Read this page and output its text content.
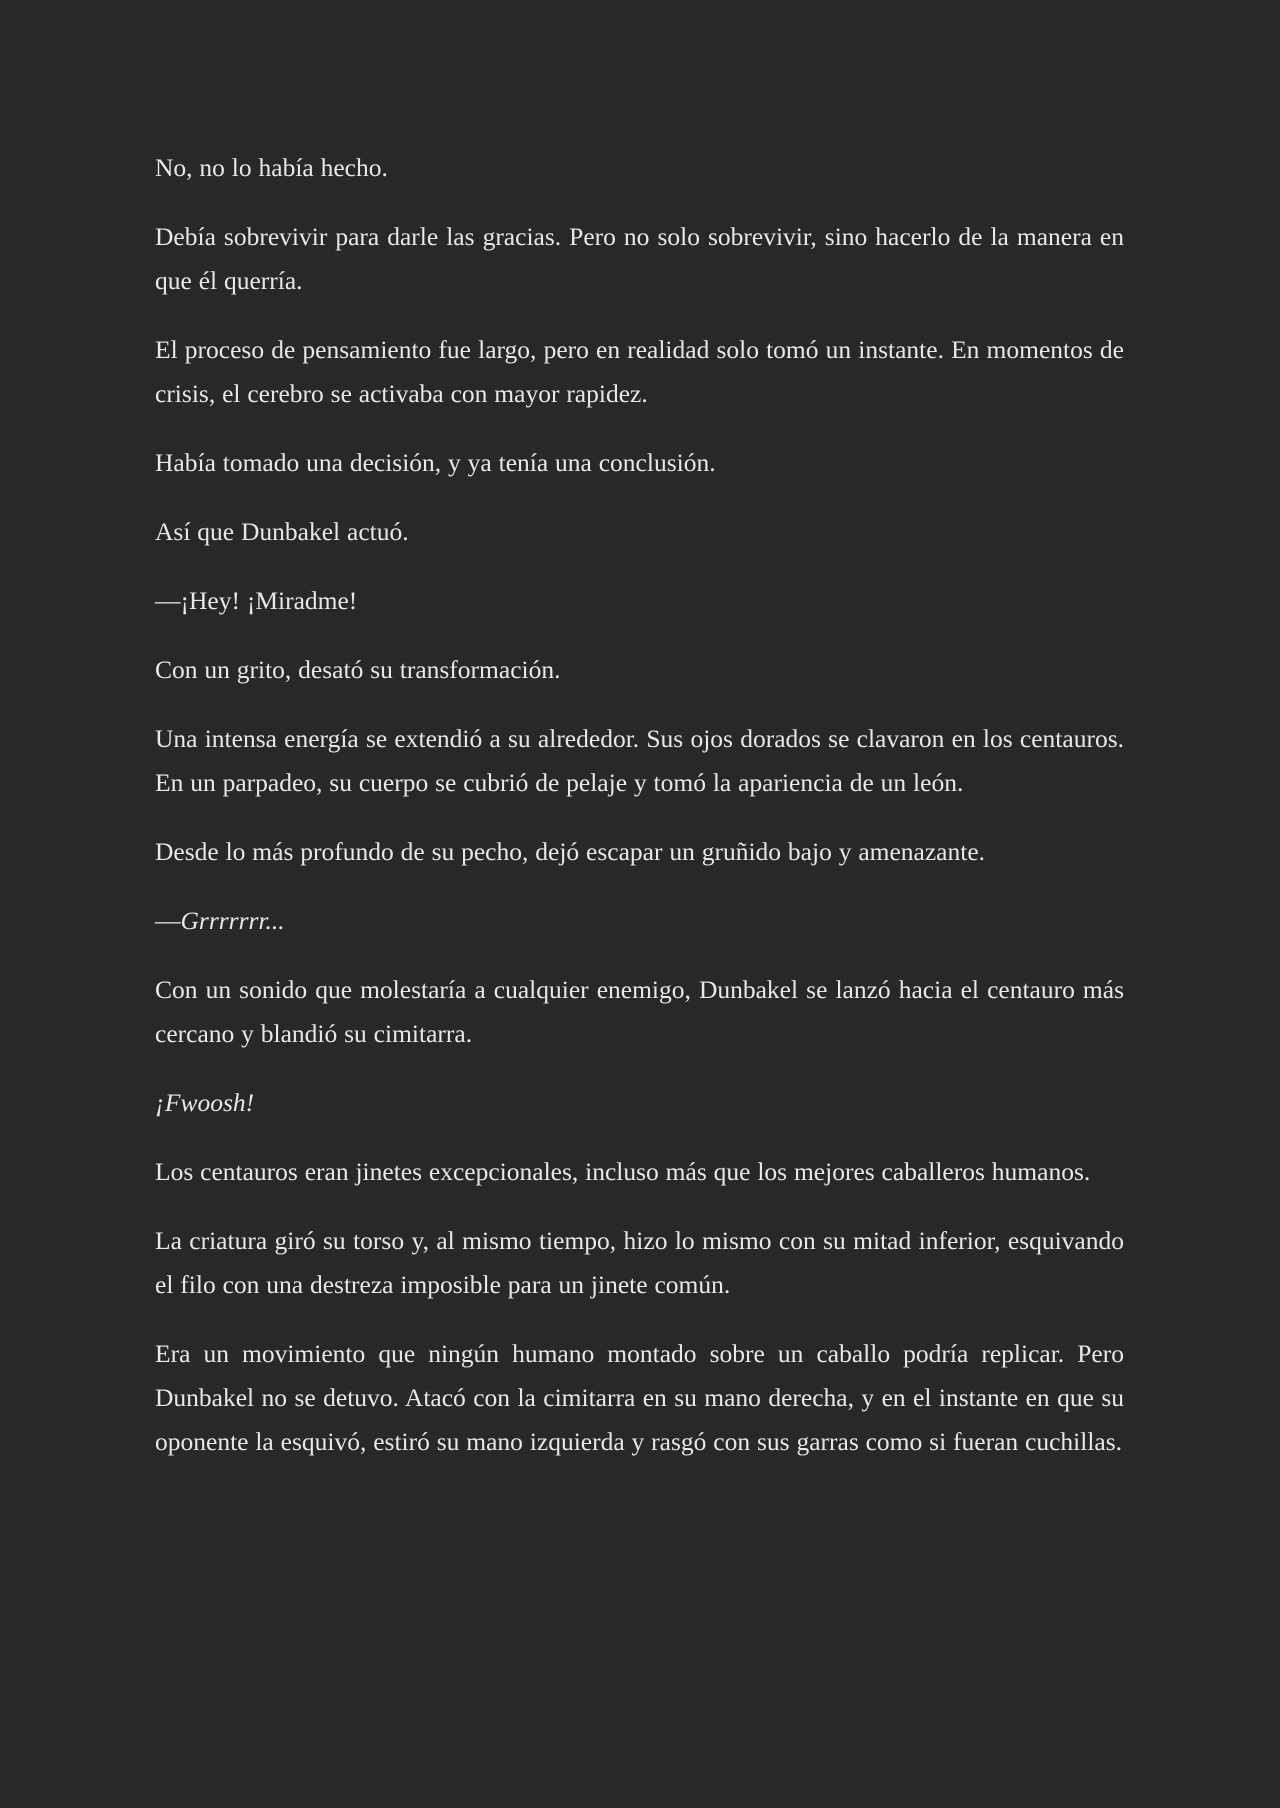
No, no lo había hecho.

Debía sobrevivir para darle las gracias. Pero no solo sobrevivir, sino hacerlo de la manera en que él querría.

El proceso de pensamiento fue largo, pero en realidad solo tomó un instante. En momentos de crisis, el cerebro se activaba con mayor rapidez.

Había tomado una decisión, y ya tenía una conclusión.

Así que Dunbakel actuó.

—¡Hey! ¡Miradme!

Con un grito, desató su transformación.

Una intensa energía se extendió a su alrededor. Sus ojos dorados se clavaron en los centauros. En un parpadeo, su cuerpo se cubrió de pelaje y tomó la apariencia de un león.

Desde lo más profundo de su pecho, dejó escapar un gruñido bajo y amenazante.

—Grrrrrrr...

Con un sonido que molestaría a cualquier enemigo, Dunbakel se lanzó hacia el centauro más cercano y blandió su cimitarra.

¡Fwoosh!

Los centauros eran jinetes excepcionales, incluso más que los mejores caballeros humanos.

La criatura giró su torso y, al mismo tiempo, hizo lo mismo con su mitad inferior, esquivando el filo con una destreza imposible para un jinete común.

Era un movimiento que ningún humano montado sobre un caballo podría replicar. Pero Dunbakel no se detuvo. Atacó con la cimitarra en su mano derecha, y en el instante en que su oponente la esquivó, estiró su mano izquierda y rasgó con sus garras como si fueran cuchillas.
